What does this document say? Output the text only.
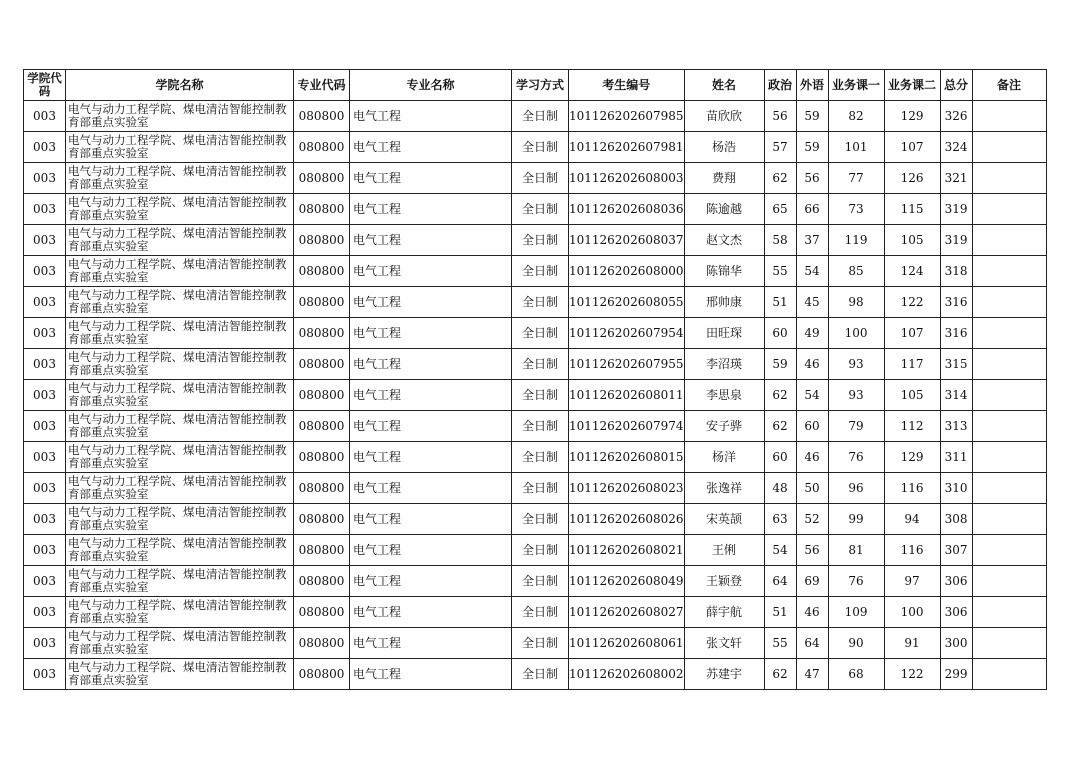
学院代码	学院名称	专业代码	专业名称	学习方式	考生编号	姓名	政治	外语	业务课一	业务课二	总分	备注
003	电气与动力工程学院、煤电清洁智能控制教育部重点实验室	080800	电气工程	全日制	101126202607985	苗欣欣	56	59	82	129	326	
003	电气与动力工程学院、煤电清洁智能控制教育部重点实验室	080800	电气工程	全日制	101126202607981	杨浩	57	59	101	107	324	
003	电气与动力工程学院、煤电清洁智能控制教育部重点实验室	080800	电气工程	全日制	101126202608003	费翔	62	56	77	126	321	
003	电气与动力工程学院、煤电清洁智能控制教育部重点实验室	080800	电气工程	全日制	101126202608036	陈逾越	65	66	73	115	319	
003	电气与动力工程学院、煤电清洁智能控制教育部重点实验室	080800	电气工程	全日制	101126202608037	赵文杰	58	37	119	105	319	
003	电气与动力工程学院、煤电清洁智能控制教育部重点实验室	080800	电气工程	全日制	101126202608000	陈锦华	55	54	85	124	318	
003	电气与动力工程学院、煤电清洁智能控制教育部重点实验室	080800	电气工程	全日制	101126202608055	邢帅康	51	45	98	122	316	
003	电气与动力工程学院、煤电清洁智能控制教育部重点实验室	080800	电气工程	全日制	101126202607954	田旺琛	60	49	100	107	316	
003	电气与动力工程学院、煤电清洁智能控制教育部重点实验室	080800	电气工程	全日制	101126202607955	李沼瑛	59	46	93	117	315	
003	电气与动力工程学院、煤电清洁智能控制教育部重点实验室	080800	电气工程	全日制	101126202608011	李思泉	62	54	93	105	314	
003	电气与动力工程学院、煤电清洁智能控制教育部重点实验室	080800	电气工程	全日制	101126202607974	安子骅	62	60	79	112	313	
003	电气与动力工程学院、煤电清洁智能控制教育部重点实验室	080800	电气工程	全日制	101126202608015	杨洋	60	46	76	129	311	
003	电气与动力工程学院、煤电清洁智能控制教育部重点实验室	080800	电气工程	全日制	101126202608023	张逸祥	48	50	96	116	310	
003	电气与动力工程学院、煤电清洁智能控制教育部重点实验室	080800	电气工程	全日制	101126202608026	宋英颉	63	52	99	94	308	
003	电气与动力工程学院、煤电清洁智能控制教育部重点实验室	080800	电气工程	全日制	101126202608021	王俐	54	56	81	116	307	
003	电气与动力工程学院、煤电清洁智能控制教育部重点实验室	080800	电气工程	全日制	101126202608049	王颖登	64	69	76	97	306	
003	电气与动力工程学院、煤电清洁智能控制教育部重点实验室	080800	电气工程	全日制	101126202608027	薛宇航	51	46	109	100	306	
003	电气与动力工程学院、煤电清洁智能控制教育部重点实验室	080800	电气工程	全日制	101126202608061	张文轩	55	64	90	91	300	
003	电气与动力工程学院、煤电清洁智能控制教育部重点实验室	080800	电气工程	全日制	101126202608002	苏建宇	62	47	68	122	299	
